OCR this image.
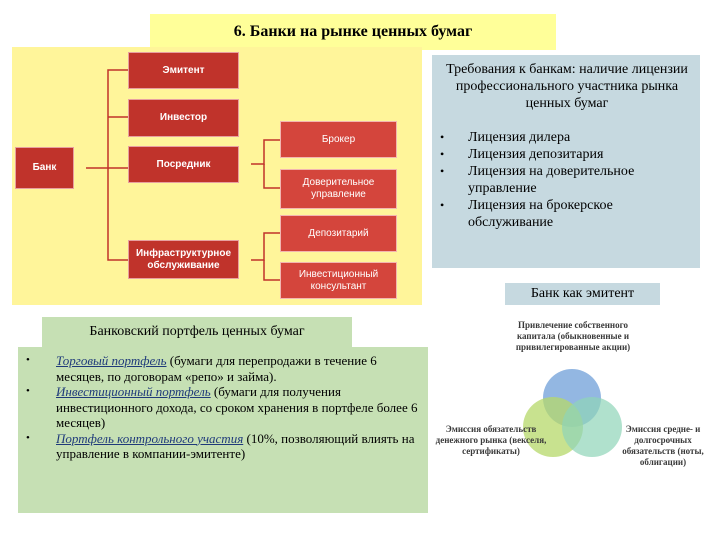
6. Банки на рынке ценных бумаг
Банк
Эмитент
Инвестор
Посредник
Инфраструктурное обслуживание
Брокер
Доверительное управление
Депозитарий
Инвестиционный консультант
Требования к банкам: наличие лицензии профессионального участника рынка ценных бумаг
• Лицензия дилера
• Лицензия депозитария
• Лицензия на доверительное управление
• Лицензия на брокерское обслуживание
Банк как эмитент
Банковский портфель ценных бумаг
• Торговый портфель (бумаги для перепродажи в течение 6 месяцев, по договорам «репо» и займа).
• Инвестиционный портфель (бумаги для получения инвестиционного дохода, со сроком хранения в портфеле более 6 месяцев)
• Портфель контрольного участия (10%, позволяющий влиять на управление в компании-эмитенте)
Привлечение собственного капитала (обыкновенные и привилегированные акции)
Эмиссия обязательств денежного рынка (векселя, сертификаты)
Эмиссия средне- и долгосрочных обязательств (ноты, облигации)
